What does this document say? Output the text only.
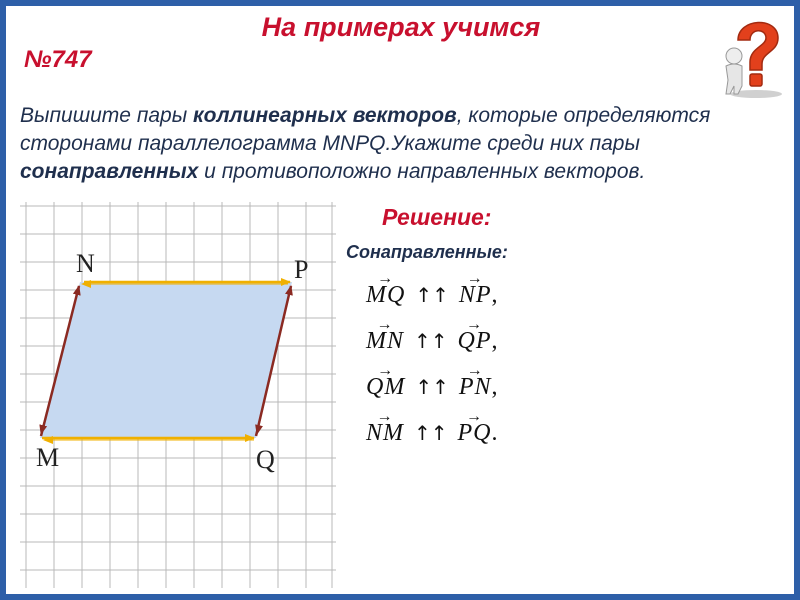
На примерах учимся
№747
Выпишите пары коллинеарных векторов, которые определяются сторонами параллелограмма MNPQ.Укажите среди них пары сонаправленных и противоположно направленных векторов.
N	P
M	Q
Решение:
Сонаправленные:
→
MQ ↑↑
→
NP,
→
MN ↑↑
→
QP,
→
QM ↑↑
→
PN,
→
NM ↑↑
→
PQ.
